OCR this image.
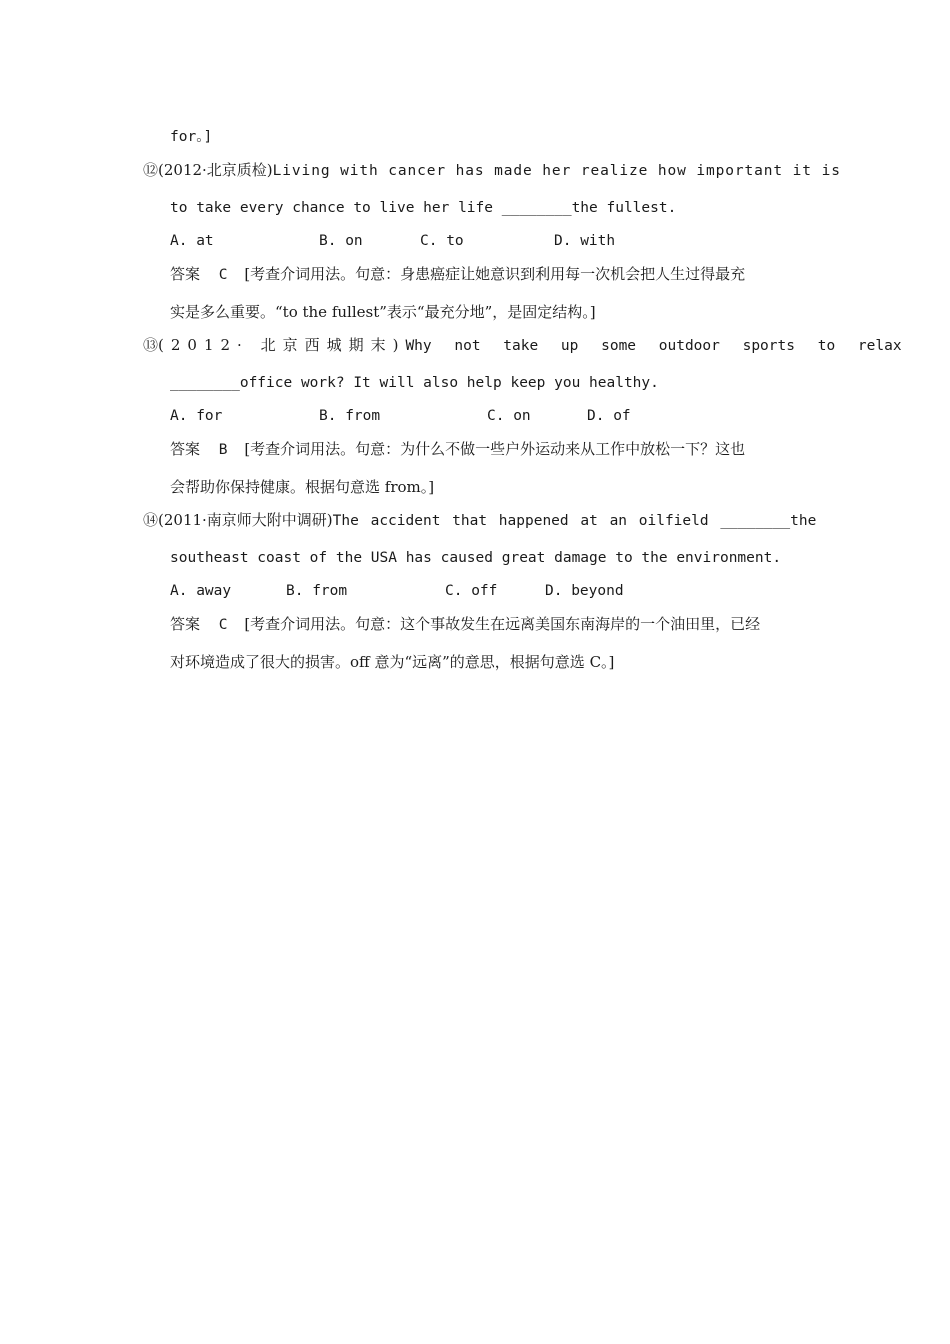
for。]
⑫(2012·北京质检)Living with cancer has made her realize how important it is
to take every chance to live her life ________the fullest.
A. at	B. on	C. to	D. with
答案 C [考查介词用法。句意：身患癌症让她意识到利用每一次机会把人生过得最充
实是多么重要。“to the fullest”表示“最充分地”，是固定结构。]
⑬(2012· 北京西城期末)Why not take up some outdoor sports to relax
________office work? It will also help keep you healthy.
A. for	B. from	C. on	D. of
答案 B [考查介词用法。句意：为什么不做一些户外运动来从工作中放松一下？这也
会帮助你保持健康。根据句意选 from。]
⑭(2011·南京师大附中调研)The accident that happened at an oilfield ________the
southeast coast of the USA has caused great damage to the environment.
A. away	B. from	C. off	D. beyond
答案 C [考查介词用法。句意：这个事故发生在远离美国东南海岸的一个油田里，已经
对环境造成了很大的损害。off 意为“远离”的意思，根据句意选 C。]
